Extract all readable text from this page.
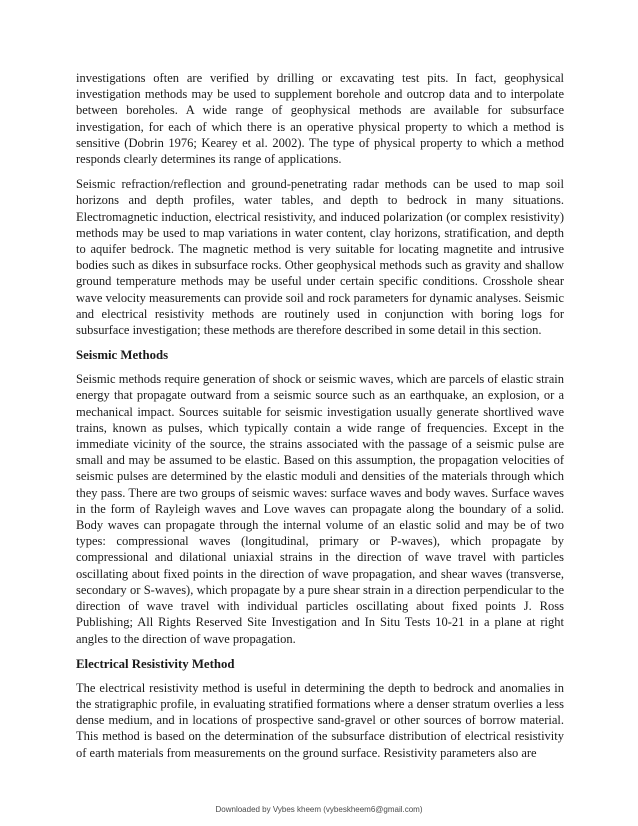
investigations often are verified by drilling or excavating test pits. In fact, geophysical investigation methods may be used to supplement borehole and outcrop data and to interpolate between boreholes. A wide range of geophysical methods are available for subsurface investigation, for each of which there is an operative physical property to which a method is sensitive (Dobrin 1976; Kearey et al. 2002). The type of physical property to which a method responds clearly determines its range of applications.

Seismic refraction/reflection and ground-penetrating radar methods can be used to map soil horizons and depth profiles, water tables, and depth to bedrock in many situations. Electromagnetic induction, electrical resistivity, and induced polarization (or complex resistivity) methods may be used to map variations in water content, clay horizons, stratification, and depth to aquifer bedrock. The magnetic method is very suitable for locating magnetite and intrusive bodies such as dikes in subsurface rocks. Other geophysical methods such as gravity and shallow ground temperature methods may be useful under certain specific conditions. Crosshole shear wave velocity measurements can provide soil and rock parameters for dynamic analyses. Seismic and electrical resistivity methods are routinely used in conjunction with boring logs for subsurface investigation; these methods are therefore described in some detail in this section.

Seismic Methods

Seismic methods require generation of shock or seismic waves, which are parcels of elastic strain energy that propagate outward from a seismic source such as an earthquake, an explosion, or a mechanical impact. Sources suitable for seismic investigation usually generate shortlived wave trains, known as pulses, which typically contain a wide range of frequencies. Except in the immediate vicinity of the source, the strains associated with the passage of a seismic pulse are small and may be assumed to be elastic. Based on this assumption, the propagation velocities of seismic pulses are determined by the elastic moduli and densities of the materials through which they pass. There are two groups of seismic waves: surface waves and body waves. Surface waves in the form of Rayleigh waves and Love waves can propagate along the boundary of a solid. Body waves can propagate through the internal volume of an elastic solid and may be of two types: compressional waves (longitudinal, primary or P-waves), which propagate by compressional and dilational uniaxial strains in the direction of wave travel with particles oscillating about fixed points in the direction of wave propagation, and shear waves (transverse, secondary or S-waves), which propagate by a pure shear strain in a direction perpendicular to the direction of wave travel with individual particles oscillating about fixed points J. Ross Publishing; All Rights Reserved Site Investigation and In Situ Tests 10-21 in a plane at right angles to the direction of wave propagation.

Electrical Resistivity Method

The electrical resistivity method is useful in determining the depth to bedrock and anomalies in the stratigraphic profile, in evaluating stratified formations where a denser stratum overlies a less dense medium, and in locations of prospective sand-gravel or other sources of borrow material. This method is based on the determination of the subsurface distribution of electrical resistivity of earth materials from measurements on the ground surface. Resistivity parameters also are

Downloaded by Vybes kheem (vybeskheem6@gmail.com)
